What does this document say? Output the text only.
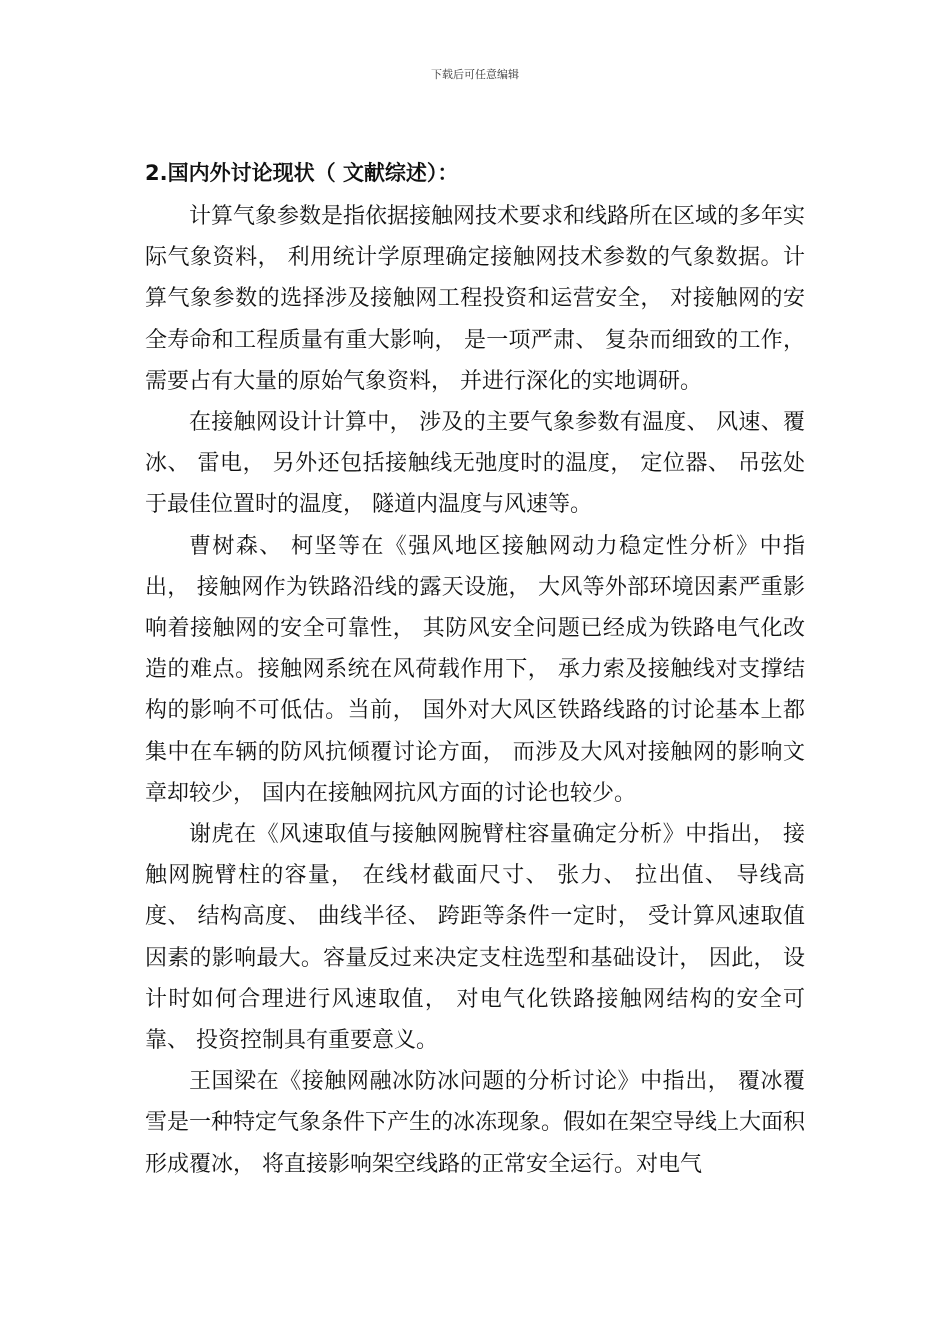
下载后可任意编辑
2.国内外讨论现状（ 文献综述）：

计算气象参数是指依据接触网技术要求和线路所在区域的多年实际气象资料， 利用统计学原理确定接触网技术参数的气象数据。计算气象参数的选择涉及接触网工程投资和运营安全， 对接触网的安全寿命和工程质量有重大影响， 是一项严肃、 复杂而细致的工作， 需要占有大量的原始气象资料， 并进行深化的实地调研。

在接触网设计计算中， 涉及的主要气象参数有温度、 风速、覆冰、 雷电， 另外还包括接触线无弛度时的温度， 定位器、 吊弦处于最佳位置时的温度， 隧道内温度与风速等。

曹树森、 柯坚等在《强风地区接触网动力稳定性分析》中指出， 接触网作为铁路沿线的露天设施， 大风等外部环境因素严重影响着接触网的安全可靠性， 其防风安全问题已经成为铁路电气化改造的难点。接触网系统在风荷载作用下， 承力索及接触线对支撑结构的影响不可低估。当前， 国外对大风区铁路线路的讨论基本上都集中在车辆的防风抗倾覆讨论方面， 而涉及大风对接触网的影响文章却较少， 国内在接触网抗风方面的讨论也较少。

谢虎在《风速取值与接触网腕臂柱容量确定分析》中指出， 接触网腕臂柱的容量， 在线材截面尺寸、 张力、 拉出值、 导线高度、 结构高度、 曲线半径、 跨距等条件一定时， 受计算风速取值因素的影响最大。容量反过来决定支柱选型和基础设计， 因此， 设计时如何合理进行风速取值， 对电气化铁路接触网结构的安全可靠、 投资控制具有重要意义。

王国梁在《接触网融冰防冰问题的分析讨论》中指出， 覆冰覆雪是一种特定气象条件下产生的冰冻现象。假如在架空导线上大面积形成覆冰， 将直接影响架空线路的正常安全运行。对电气
